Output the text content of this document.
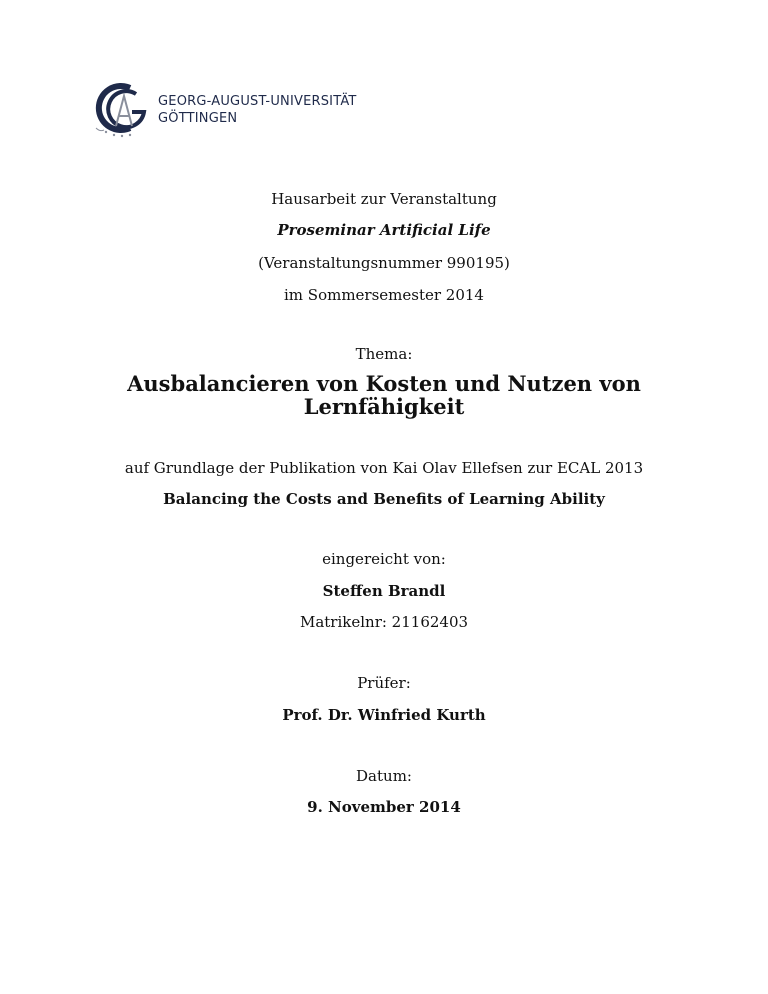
GEORG-AUGUST-UNIVERSITÄT
GÖTTINGEN
Hausarbeit zur Veranstaltung
Proseminar Artificial Life
(Veranstaltungsnummer 990195)
im Sommersemester 2014
Thema:
Ausbalancieren von Kosten und Nutzen von
Lernfähigkeit
auf Grundlage der Publikation von Kai Olav Ellefsen zur ECAL 2013
Balancing the Costs and Benefits of Learning Ability
eingereicht von:
Steffen Brandl
Matrikelnr: 21162403
Prüfer:
Prof. Dr. Winfried Kurth
Datum:
9. November 2014
